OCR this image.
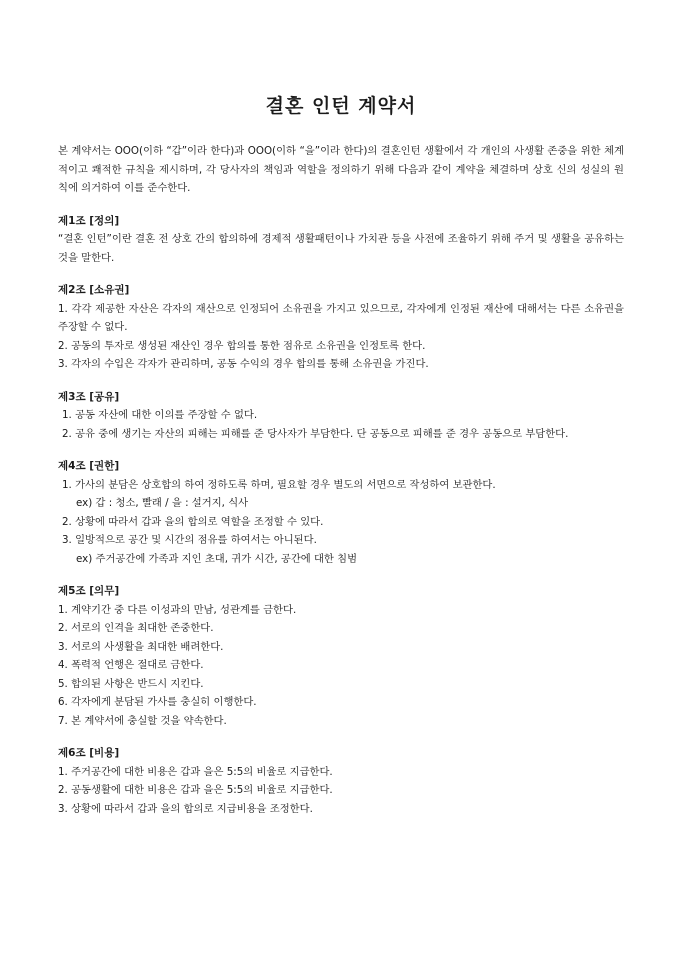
결혼 인턴 계약서
본 계약서는 OOO(이하 “갑”이라 한다)과 OOO(이하 “을”이라 한다)의 결혼인턴 생활에서 각 개인의 사생활 존중을 위한 체계적이고 쾌적한 규칙을 제시하며, 각 당사자의 책임과 역할을 정의하기 위해 다음과 같이 계약을 체결하며 상호 신의 성실의 원칙에 의거하여 이를 준수한다.
제1조 [정의]
“결혼 인턴”이란 결혼 전 상호 간의 합의하에 경제적 생활패턴이나 가치관 등을 사전에 조율하기 위해 주거 및 생활을 공유하는 것을 말한다.
제2조 [소유권]
1. 각각 제공한 자산은 각자의 재산으로 인정되어 소유권을 가지고 있으므로, 각자에게 인정된 재산에 대해서는 다른 소유권을 주장할 수 없다.
2. 공동의 투자로 생성된 재산인 경우 합의를 통한 점유로 소유권을 인정토록 한다.
3. 각자의 수입은 각자가 관리하며, 공동 수익의 경우 합의를 통해 소유권을 가진다.
제3조 [공유]
1. 공동 자산에 대한 이의를 주장할 수 없다.
2. 공유 중에 생기는 자산의 피해는 피해를 준 당사자가 부담한다. 단 공동으로 피해를 준 경우 공동으로 부담한다.
제4조 [권한]
1. 가사의 분담은 상호합의 하여 정하도록 하며, 필요할 경우 별도의 서면으로 작성하여 보관한다.
ex) 갑 : 청소, 빨래 / 을 : 설거지, 식사
2. 상황에 따라서 갑과 을의 합의로 역할을 조정할 수 있다.
3. 일방적으로 공간 및 시간의 점유를 하여서는 아니된다.
ex) 주거공간에 가족과 지인 초대, 귀가 시간, 공간에 대한 침범
제5조 [의무]
1. 계약기간 중 다른 이성과의 만남, 성관계를 금한다.
2. 서로의 인격을 최대한 존중한다.
3. 서로의 사생활을 최대한 배려한다.
4. 폭력적 언행은 절대로 금한다.
5. 합의된 사항은 반드시 지킨다.
6. 각자에게 분담된 가사를 충실히 이행한다.
7. 본 계약서에 충실할 것을 약속한다.
제6조 [비용]
1. 주거공간에 대한 비용은 갑과 을은 5:5의 비율로 지급한다.
2. 공동생활에 대한 비용은 갑과 을은 5:5의 비율로 지급한다.
3. 상황에 따라서 갑과 을의 합의로 지급비용을 조정한다.
